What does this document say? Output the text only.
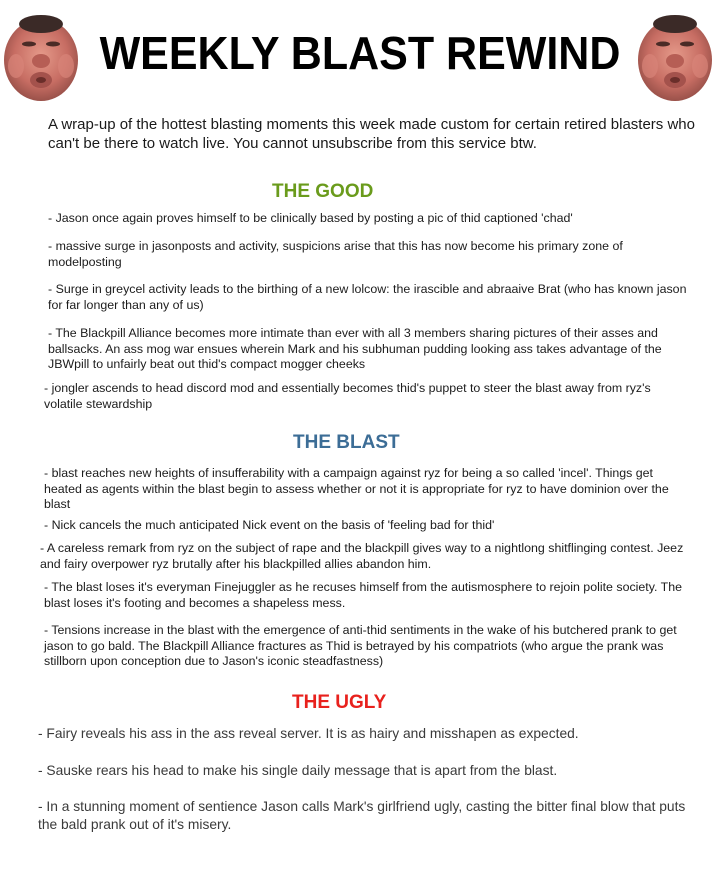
WEEKLY BLAST REWIND

A wrap-up of the hottest blasting moments this week made custom for certain retired blasters who can't be there to watch live. You cannot unsubscribe from this service btw.

THE GOOD

- Jason once again proves himself to be clinically based by posting a pic of thid captioned 'chad'

- massive surge in jasonposts and activity, suspicions arise that this has now become his primary zone of modelposting

- Surge in greycel activity leads to the birthing of a new lolcow: the irascible and abraaive Brat (who has known jason for far longer than any of us)

- The Blackpill Alliance becomes more intimate than ever with all 3 members sharing pictures of their asses and ballsacks. An ass mog war ensues wherein Mark and his subhuman pudding looking ass takes advantage of the JBWpill to unfairly beat out thid's compact mogger cheeks

- jongler ascends to head discord mod and essentially becomes thid's puppet to steer the blast away from ryz's volatile stewardship

THE BLAST

- blast reaches new heights of insufferability with a campaign against ryz for being a so called 'incel'. Things get heated as agents within the blast begin to assess whether or not it is appropriate for ryz to have dominion over the blast

- Nick cancels the much anticipated Nick event on the basis of 'feeling bad for thid'

- A careless remark from ryz on the subject of rape and the blackpill gives way to a nightlong shitflinging contest. Jeez and fairy overpower ryz brutally after his blackpilled allies abandon him.

- The blast loses it's everyman Finejuggler as he recuses himself from the autismosphere to rejoin polite society. The blast loses it's footing and becomes a shapeless mess.

- Tensions increase in the blast with the emergence of anti-thid sentiments in the wake of his butchered prank to get jason to go bald. The Blackpill Alliance fractures as Thid is betrayed by his compatriots (who argue the prank was stillborn upon conception due to Jason's iconic steadfastness)

THE UGLY

- Fairy reveals his ass in the ass reveal server. It is as hairy and misshapen as expected.

- Sauske rears his head to make his single daily message that is apart from the blast.

- In a stunning moment of sentience Jason calls Mark's girlfriend ugly, casting the bitter final blow that puts the bald prank out of it's misery.
